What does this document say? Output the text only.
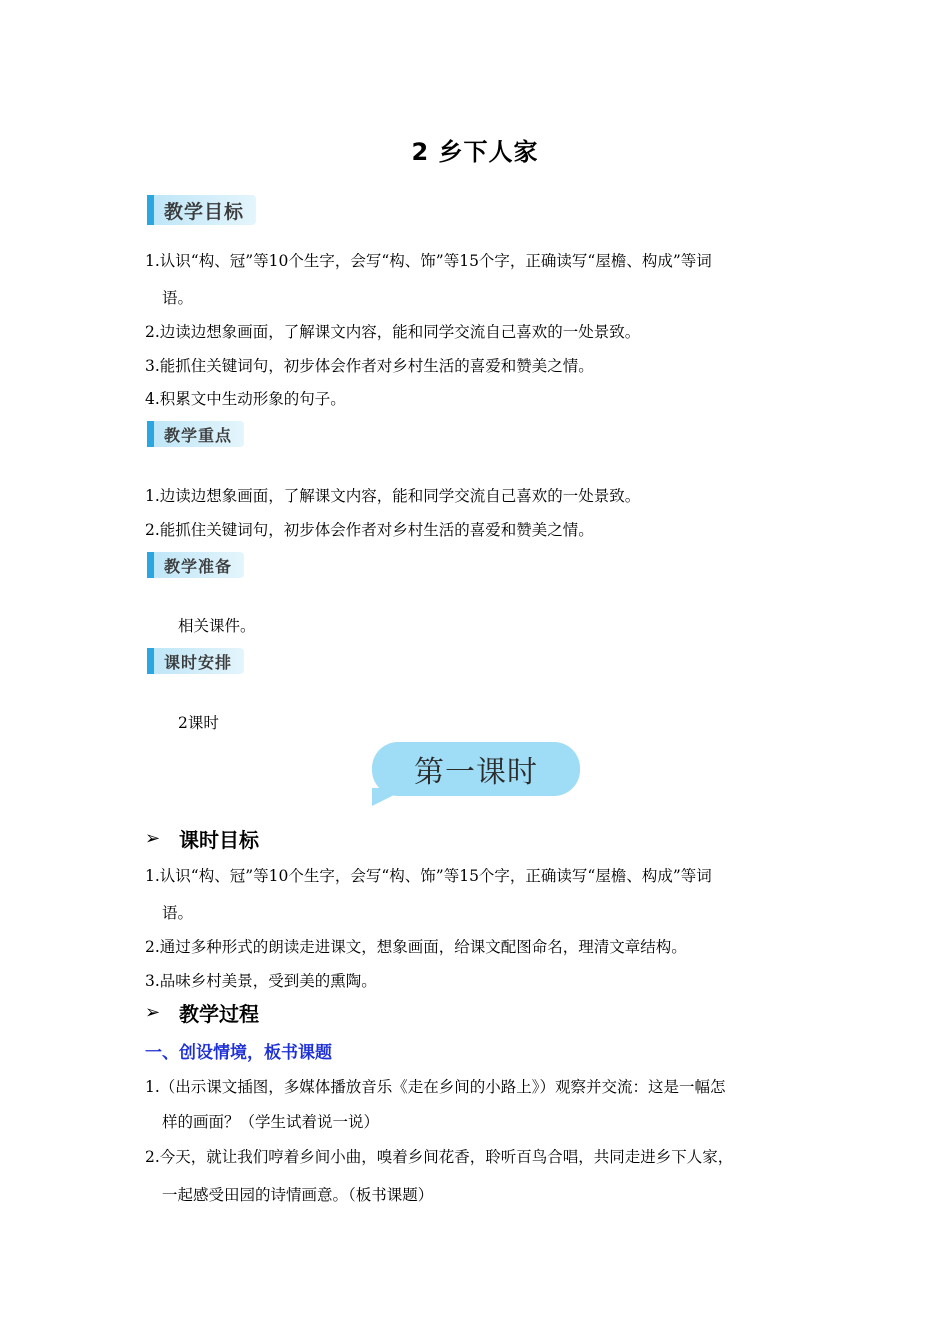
2 乡下人家
教学目标
1.认识“构、冠”等10个生字，会写“构、饰”等15个字，正确读写“屋檐、构成”等词
语。
2.边读边想象画面，了解课文内容，能和同学交流自己喜欢的一处景致。
3.能抓住关键词句，初步体会作者对乡村生活的喜爱和赞美之情。
4.积累文中生动形象的句子。
教学重点
1.边读边想象画面，了解课文内容，能和同学交流自己喜欢的一处景致。
2.能抓住关键词句，初步体会作者对乡村生活的喜爱和赞美之情。
教学准备
相关课件。
课时安排
2课时
第一课时
➢ 课时目标
1.认识“构、冠”等10个生字，会写“构、饰”等15个字，正确读写“屋檐、构成”等词
语。
2.通过多种形式的朗读走进课文，想象画面，给课文配图命名，理清文章结构。
3.品味乡村美景，受到美的熏陶。
➢ 教学过程
一、创设情境，板书课题
1.（出示课文插图，多媒体播放音乐《走在乡间的小路上》）观察并交流：这是一幅怎
样的画面？（学生试着说一说）
2.今天，就让我们哼着乡间小曲，嗅着乡间花香，聆听百鸟合唱，共同走进乡下人家，
一起感受田园的诗情画意。（板书课题）
